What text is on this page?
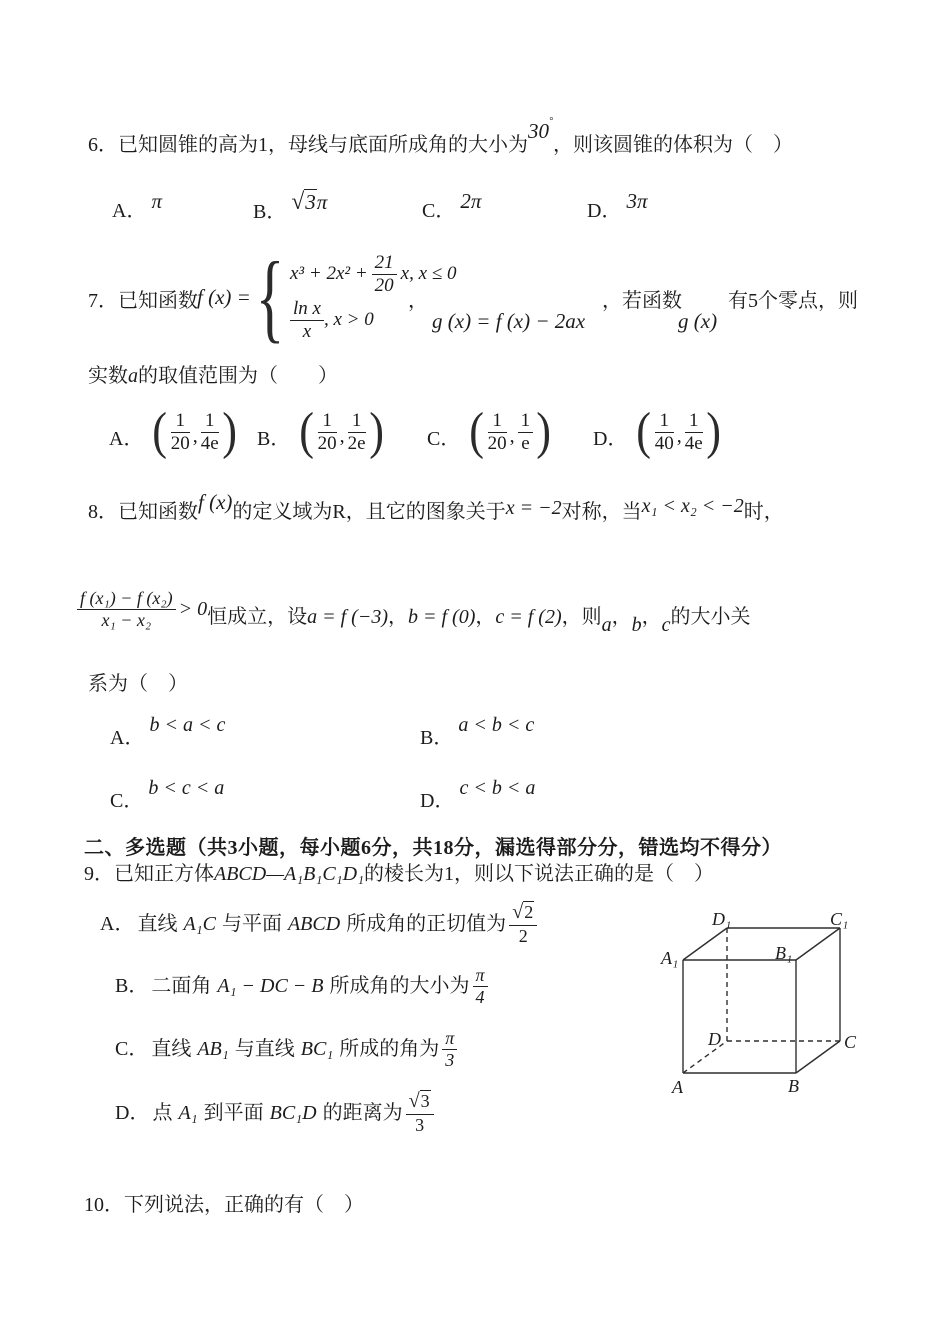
6．已知圆锥的高为1，母线与底面所成角的大小为30°，则该圆锥的体积为（　）
A． π	B． √3π	C． 2π	D． 3π
7．已知函数 f (x) = { $x^3 + 2x^2 + \frac{21}{20} x$, x ≤ 0
$\frac{\text{ln x}}{x}$ , x > 0
，
g (x) = f (x) − 2ax
，若函数
g (x)
有5个零点，则
实数a的取值范围为（　　）
A． ( $\frac{1}{20}$ , $\frac{1}{4e}$ ) B． ( $\frac{1}{20}$ , $\frac{1}{2e}$ ) C． ( $\frac{1}{20}$ , $\frac{1}{e}$ ) D． ( $\frac{1}{40}$ , $\frac{1}{4e}$ )
8．已知函数f (x)的定义域为R，且它的图象关于x = −2对称，当x₁ < x₂ < −2时，
$\frac{\text{f (x₁) − f (x₂)}}{\text{x₁ − x₂}} > 0$ 恒成立，设a = f (−3)，b = f (0)，c = f (2)，则a，b，c的大小关
系为（　）
A． b < a < c
B． a < b < c
C． b < c < a
D． c < b < a
二、多选题（共3小题，每小题6分，共18分，漏选得部分分，错选均不得分）
9．已知正方体ABCD—A₁B₁C₁D₁的棱长为1，则以下说法正确的是（　）
A． 直线 A₁C 与平面 ABCD 所成角的正切值为 $\frac{√2}{2}$
B． 二面角 A₁ − DC − B 所成角的大小为 $\frac{\pi}{4}$
C． 直线 AB₁ 与直线 BC₁ 所成的角为 $\frac{\pi}{3}$
D． 点 A₁ 到平面 BC₁D 的距离为 $\frac{√3}{3}$
A	B
C
D
A₁	B₁
C₁
D₁
10．下列说法，正确的有（　）
